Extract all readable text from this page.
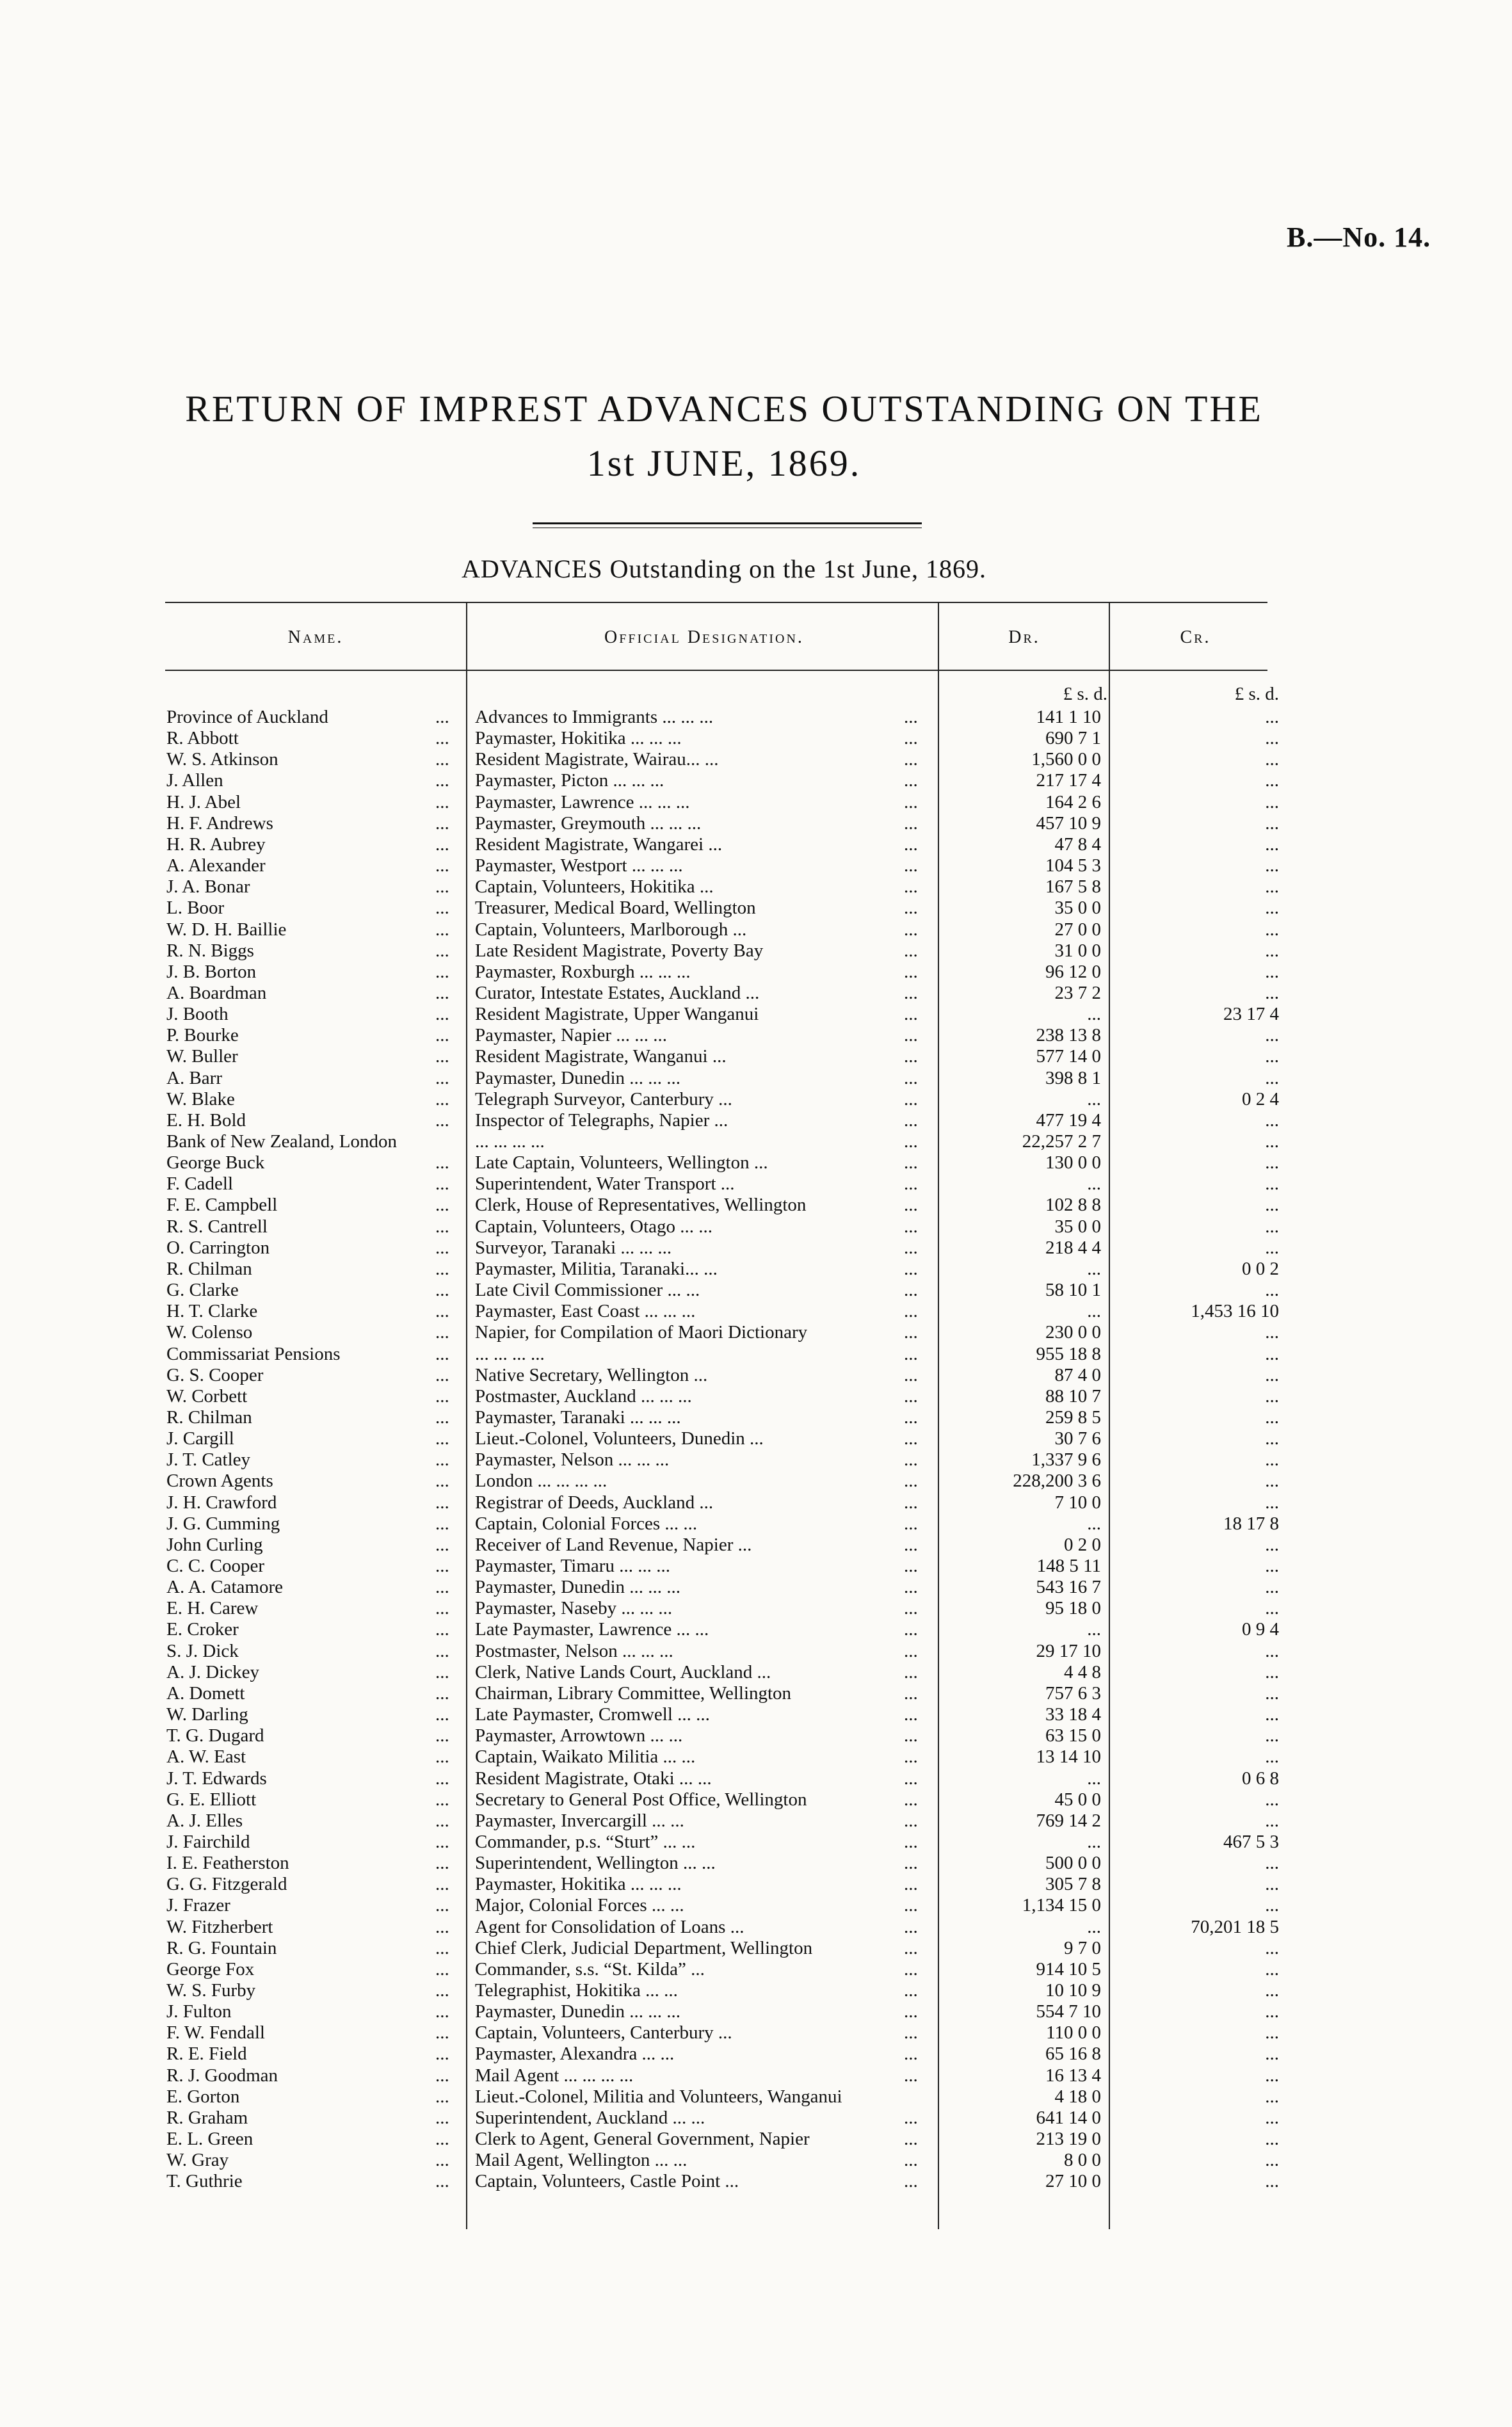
B.—No. 14.
RETURN OF IMPREST ADVANCES OUTSTANDING ON THE
1st JUNE, 1869.
ADVANCES Outstanding on the 1st June, 1869.
Name.	Official Designation.	Dr.	Cr.
£ s. d.	£ s. d.
Province of Auckland	... Advances to Immigrants ... ... ...	...	141 1 10	...
R. Abbott	... Paymaster, Hokitika ... ... ...	...	690 7 1	...
W. S. Atkinson	... Resident Magistrate, Wairau... ...	...	1,560 0 0	...
J. Allen	... Paymaster, Picton ... ... ...	...	217 17 4	...
H. J. Abel	... Paymaster, Lawrence ... ... ...	...	164 2 6	...
H. F. Andrews	... Paymaster, Greymouth ... ... ...	...	457 10 9	...
H. R. Aubrey	... Resident Magistrate, Wangarei ...	...	47 8 4	...
A. Alexander	... Paymaster, Westport ... ... ...	...	104 5 3	...
J. A. Bonar	... Captain, Volunteers, Hokitika ...	...	167 5 8	...
L. Boor	... Treasurer, Medical Board, Wellington	...	35 0 0	...
W. D. H. Baillie	... Captain, Volunteers, Marlborough ...	...	27 0 0	...
R. N. Biggs	... Late Resident Magistrate, Poverty Bay	...	31 0 0	...
J. B. Borton	... Paymaster, Roxburgh ... ... ...	...	96 12 0	...
A. Boardman	... Curator, Intestate Estates, Auckland ...	...	23 7 2	...
J. Booth	... Resident Magistrate, Upper Wanganui	...	...	23 17 4
P. Bourke	... Paymaster, Napier ... ... ...	...	238 13 8	...
W. Buller	... Resident Magistrate, Wanganui ...	...	577 14 0	...
A. Barr	... Paymaster, Dunedin ... ... ...	...	398 8 1	...
W. Blake	... Telegraph Surveyor, Canterbury ...	...	...	0 2 4
E. H. Bold	... Inspector of Telegraphs, Napier ...	...	477 19 4	...
Bank of New Zealand, London	... ... ... ...	...	22,257 2 7	...
George Buck	... Late Captain, Volunteers, Wellington ...	...	130 0 0	...
F. Cadell	... Superintendent, Water Transport ...	...	...	...
F. E. Campbell	... Clerk, House of Representatives, Wellington	...	102 8 8	...
R. S. Cantrell	... Captain, Volunteers, Otago ... ...	...	35 0 0	...
O. Carrington	... Surveyor, Taranaki ... ... ...	...	218 4 4	...
R. Chilman	... Paymaster, Militia, Taranaki... ...	...	...	0 0 2
G. Clarke	... Late Civil Commissioner ... ...	...	58 10 1	...
H. T. Clarke	... Paymaster, East Coast ... ... ...	...	...	1,453 16 10
W. Colenso	... Napier, for Compilation of Maori Dictionary	...	230 0 0	...
Commissariat Pensions	... ... ... ... ...	...	955 18 8	...
G. S. Cooper	... Native Secretary, Wellington ...	...	87 4 0	...
W. Corbett	... Postmaster, Auckland ... ... ...	...	88 10 7	...
R. Chilman	... Paymaster, Taranaki ... ... ...	...	259 8 5	...
J. Cargill	... Lieut.-Colonel, Volunteers, Dunedin ...	...	30 7 6	...
J. T. Catley	... Paymaster, Nelson ... ... ...	...	1,337 9 6	...
Crown Agents	... London ... ... ... ...	...	228,200 3 6	...
J. H. Crawford	... Registrar of Deeds, Auckland ...	...	7 10 0	...
J. G. Cumming	... Captain, Colonial Forces ... ...	...	...	18 17 8
John Curling	... Receiver of Land Revenue, Napier ...	...	0 2 0	...
C. C. Cooper	... Paymaster, Timaru ... ... ...	...	148 5 11	...
A. A. Catamore	... Paymaster, Dunedin ... ... ...	...	543 16 7	...
E. H. Carew	... Paymaster, Naseby ... ... ...	...	95 18 0	...
E. Croker	... Late Paymaster, Lawrence ... ...	...	...	0 9 4
S. J. Dick	... Postmaster, Nelson ... ... ...	...	29 17 10	...
A. J. Dickey	... Clerk, Native Lands Court, Auckland ...	...	4 4 8	...
A. Domett	... Chairman, Library Committee, Wellington	...	757 6 3	...
W. Darling	... Late Paymaster, Cromwell ... ...	...	33 18 4	...
T. G. Dugard	... Paymaster, Arrowtown ... ...	...	63 15 0	...
A. W. East	... Captain, Waikato Militia ... ...	...	13 14 10	...
J. T. Edwards	... Resident Magistrate, Otaki ... ...	...	...	0 6 8
G. E. Elliott	... Secretary to General Post Office, Wellington	...	45 0 0	...
A. J. Elles	... Paymaster, Invercargill ... ...	...	769 14 2	...
J. Fairchild	... Commander, p.s. “Sturt” ... ...	...	...	467 5 3
I. E. Featherston	... Superintendent, Wellington ... ...	...	500 0 0	...
G. G. Fitzgerald	... Paymaster, Hokitika ... ... ...	...	305 7 8	...
J. Frazer	... Major, Colonial Forces ... ...	...	1,134 15 0	...
W. Fitzherbert	... Agent for Consolidation of Loans ...	...	...	70,201 18 5
R. G. Fountain	... Chief Clerk, Judicial Department, Wellington	...	9 7 0	...
George Fox	... Commander, s.s. “St. Kilda” ...	...	914 10 5	...
W. S. Furby	... Telegraphist, Hokitika ... ...	...	10 10 9	...
J. Fulton	... Paymaster, Dunedin ... ... ...	...	554 7 10	...
F. W. Fendall	... Captain, Volunteers, Canterbury ...	...	110 0 0	...
R. E. Field	... Paymaster, Alexandra ... ...	...	65 16 8	...
R. J. Goodman	... Mail Agent ... ... ... ...	...	16 13 4	...
E. Gorton	... Lieut.-Colonel, Militia and Volunteers, Wanganui	4 18 0	...
R. Graham	... Superintendent, Auckland ... ...	...	641 14 0	...
E. L. Green	... Clerk to Agent, General Government, Napier	...	213 19 0	...
W. Gray	... Mail Agent, Wellington ... ...	...	8 0 0	...
T. Guthrie	... Captain, Volunteers, Castle Point ...	...	27 10 0	...
